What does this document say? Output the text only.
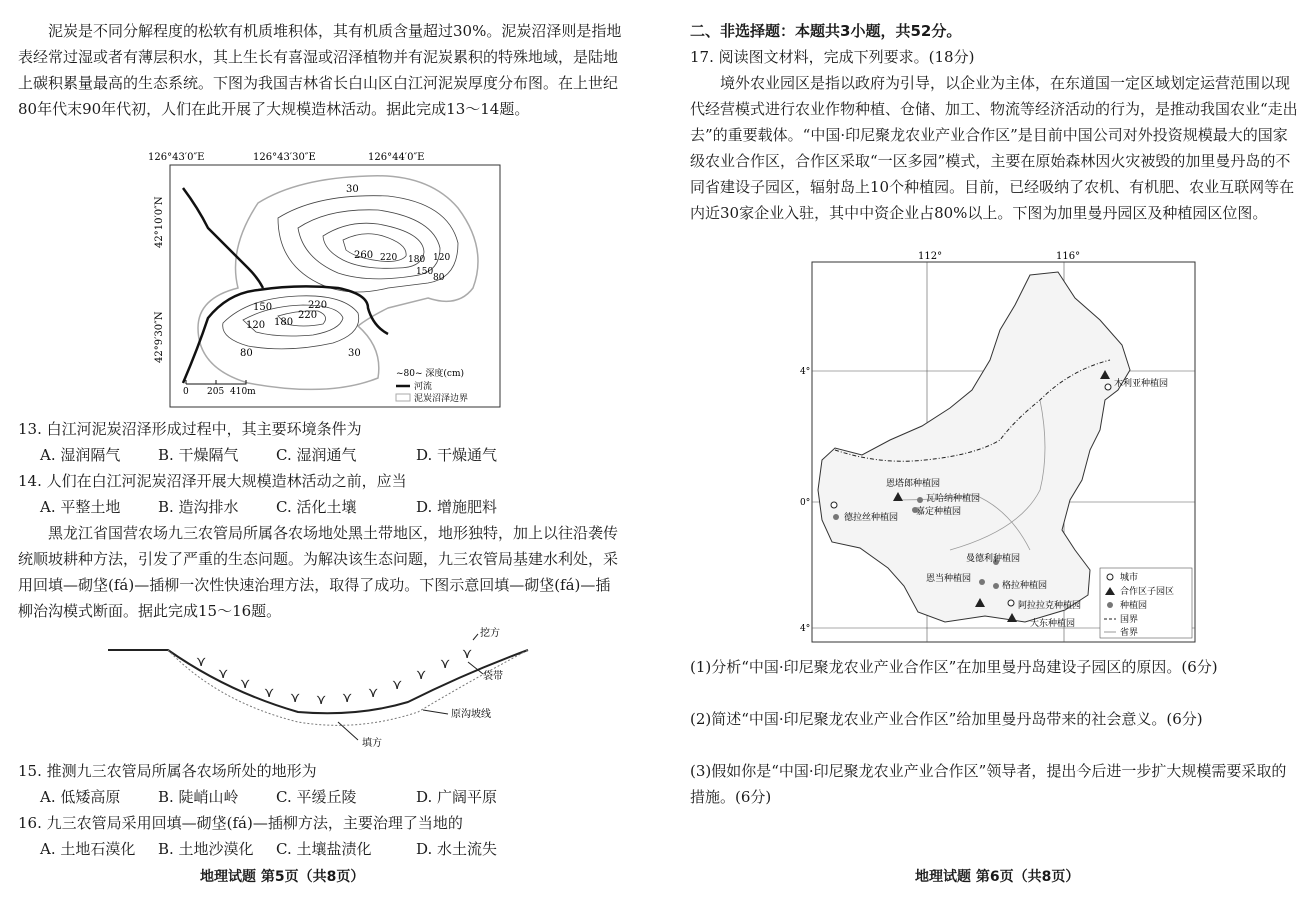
泥炭是不同分解程度的松软有机质堆积体，其有机质含量超过30%。泥炭沼泽则是指地表经常过湿或者有薄层积水，其上生长有喜湿或沼泽植物并有泥炭累积的特殊地域，是陆地上碳积累量最高的生态系统。下图为我国吉林省长白山区白江河泥炭厚度分布图。在上世纪80年代末90年代初，人们在此开展了大规模造林活动。据此完成13～14题。

126°43′0″E	126°43′30″E	126°44′0″E
42°10′0″N
42°9′30″N
30
260 220 180
150
120
80
150	220
220
120 180
80	30
~80~ 深度(cm)
河流
泥炭沼泽边界
0 205 410m

13. 白江河泥炭沼泽形成过程中，其主要环境条件为

A. 湿润隔气	B. 干燥隔气	C. 湿润通气	D. 干燥通气

14. 人们在白江河泥炭沼泽开展大规模造林活动之前，应当

A. 平整土地	B. 造沟排水	C. 活化土壤	D. 增施肥料

黑龙江省国营农场九三农管局所属各农场地处黑土带地区，地形独特，加上以往沿袭传统顺坡耕种方法，引发了严重的生态问题。为解决该生态问题，九三农管局基建水利处，采用回填—砌垡(fá)—插柳一次性快速治理方法，取得了成功。下图示意回填—砌垡(fá)—插柳治沟模式断面。据此完成15～16题。

⋎
⋎
⋎
⋎ ⋎ ⋎ ⋎ ⋎ ⋎
⋎
⋎
⋎
挖方
袋带
原沟坡线
填方

15. 推测九三农管局所属各农场所处的地形为

A. 低矮高原	B. 陡峭山岭	C. 平缓丘陵	D. 广阔平原

16. 九三农管局采用回填—砌垡(fá)—插柳方法，主要治理了当地的

A. 土地石漠化	B. 土地沙漠化	C. 土壤盐渍化	D. 水土流失
地理试题 第5页（共8页）

二、非选择题：本题共3小题，共52分。

17. 阅读图文材料，完成下列要求。(18分)

境外农业园区是指以政府为引导，以企业为主体，在东道国一定区域划定运营范围以现代经营模式进行农业作物种植、仓储、加工、物流等经济活动的行为，是推动我国农业“走出去”的重要载体。“中国·印尼聚龙农业产业合作区”是目前中国公司对外投资规模最大的国家级农业合作区，合作区采取“一区多园”模式，主要在原始森林因火灾被毁的加里曼丹岛的不同省建设子园区，辐射岛上10个种植园。目前，已经吸纳了农机、有机肥、农业互联网等在内近30家企业入驻，其中中资企业占80%以上。下图为加里曼丹园区及种植园区位图。

112°	116°
4°
0°
4°
木利亚种植园
恩塔郎种植园
瓦哈纳种植园
嘉定种植园
德拉丝种植园
曼德利种植园
恩当种植园
格拉种植园
阿拉拉克种植园
大东种植园
城市
合作区子园区
种植园
国界
省界

(1)分析“中国·印尼聚龙农业产业合作区”在加里曼丹岛建设子园区的原因。(6分)

(2)简述“中国·印尼聚龙农业产业合作区”给加里曼丹岛带来的社会意义。(6分)

(3)假如你是“中国·印尼聚龙农业产业合作区”领导者，提出今后进一步扩大规模需要采取的措施。(6分)

地理试题 第6页（共8页）
